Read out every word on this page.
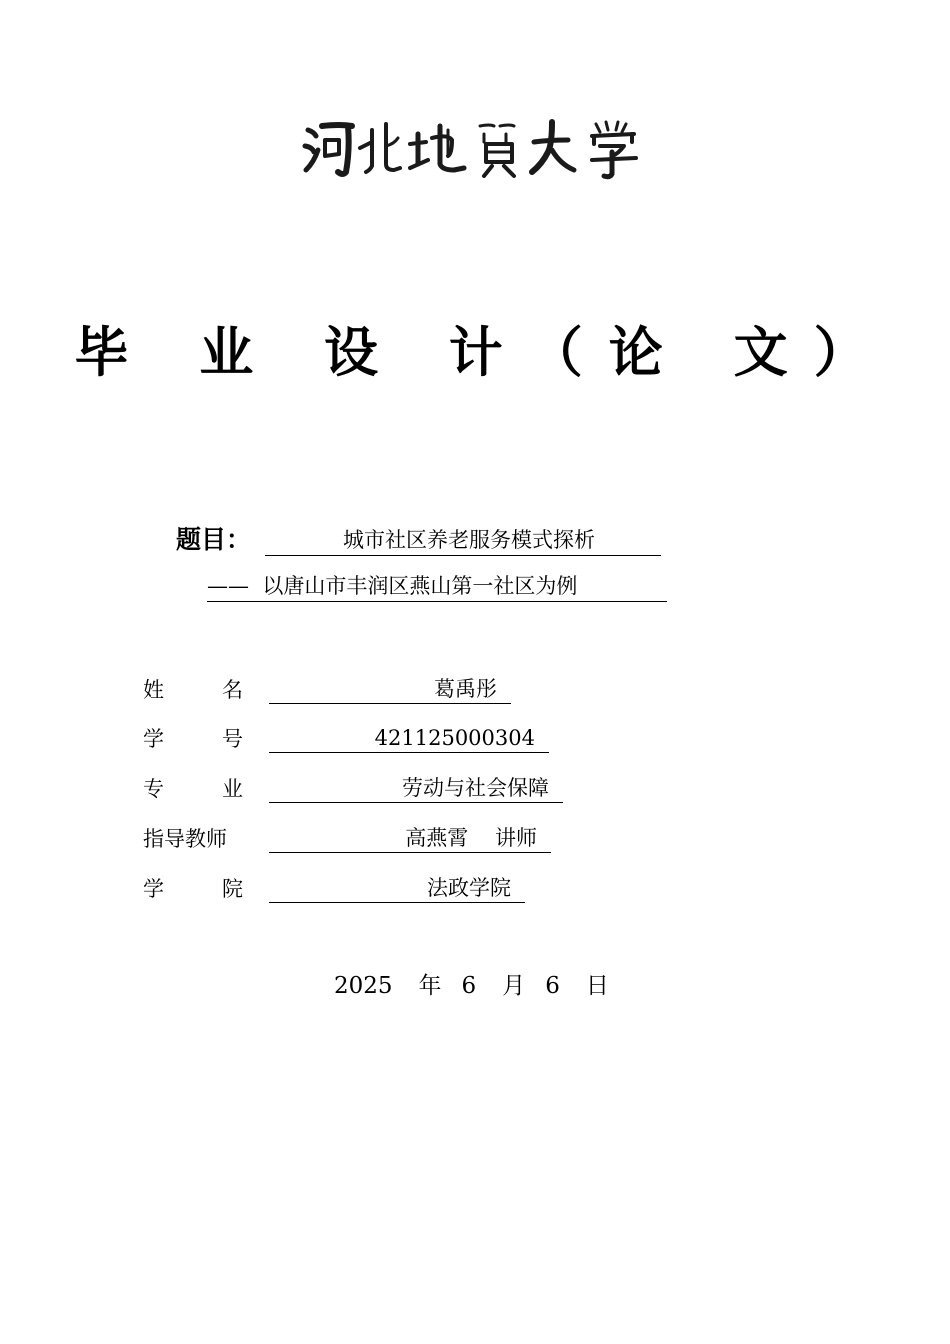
毕 业 设 计（论 文）
题目：	城市社区养老服务模式探析
——  以唐山市丰润区燕山第一社区为例
姓	名	葛禹彤
学	号	421125000304
专	业	劳动与社会保障
指导教师	高燕霄    讲师
学	院	法政学院
2025 年 6 月 6 日
